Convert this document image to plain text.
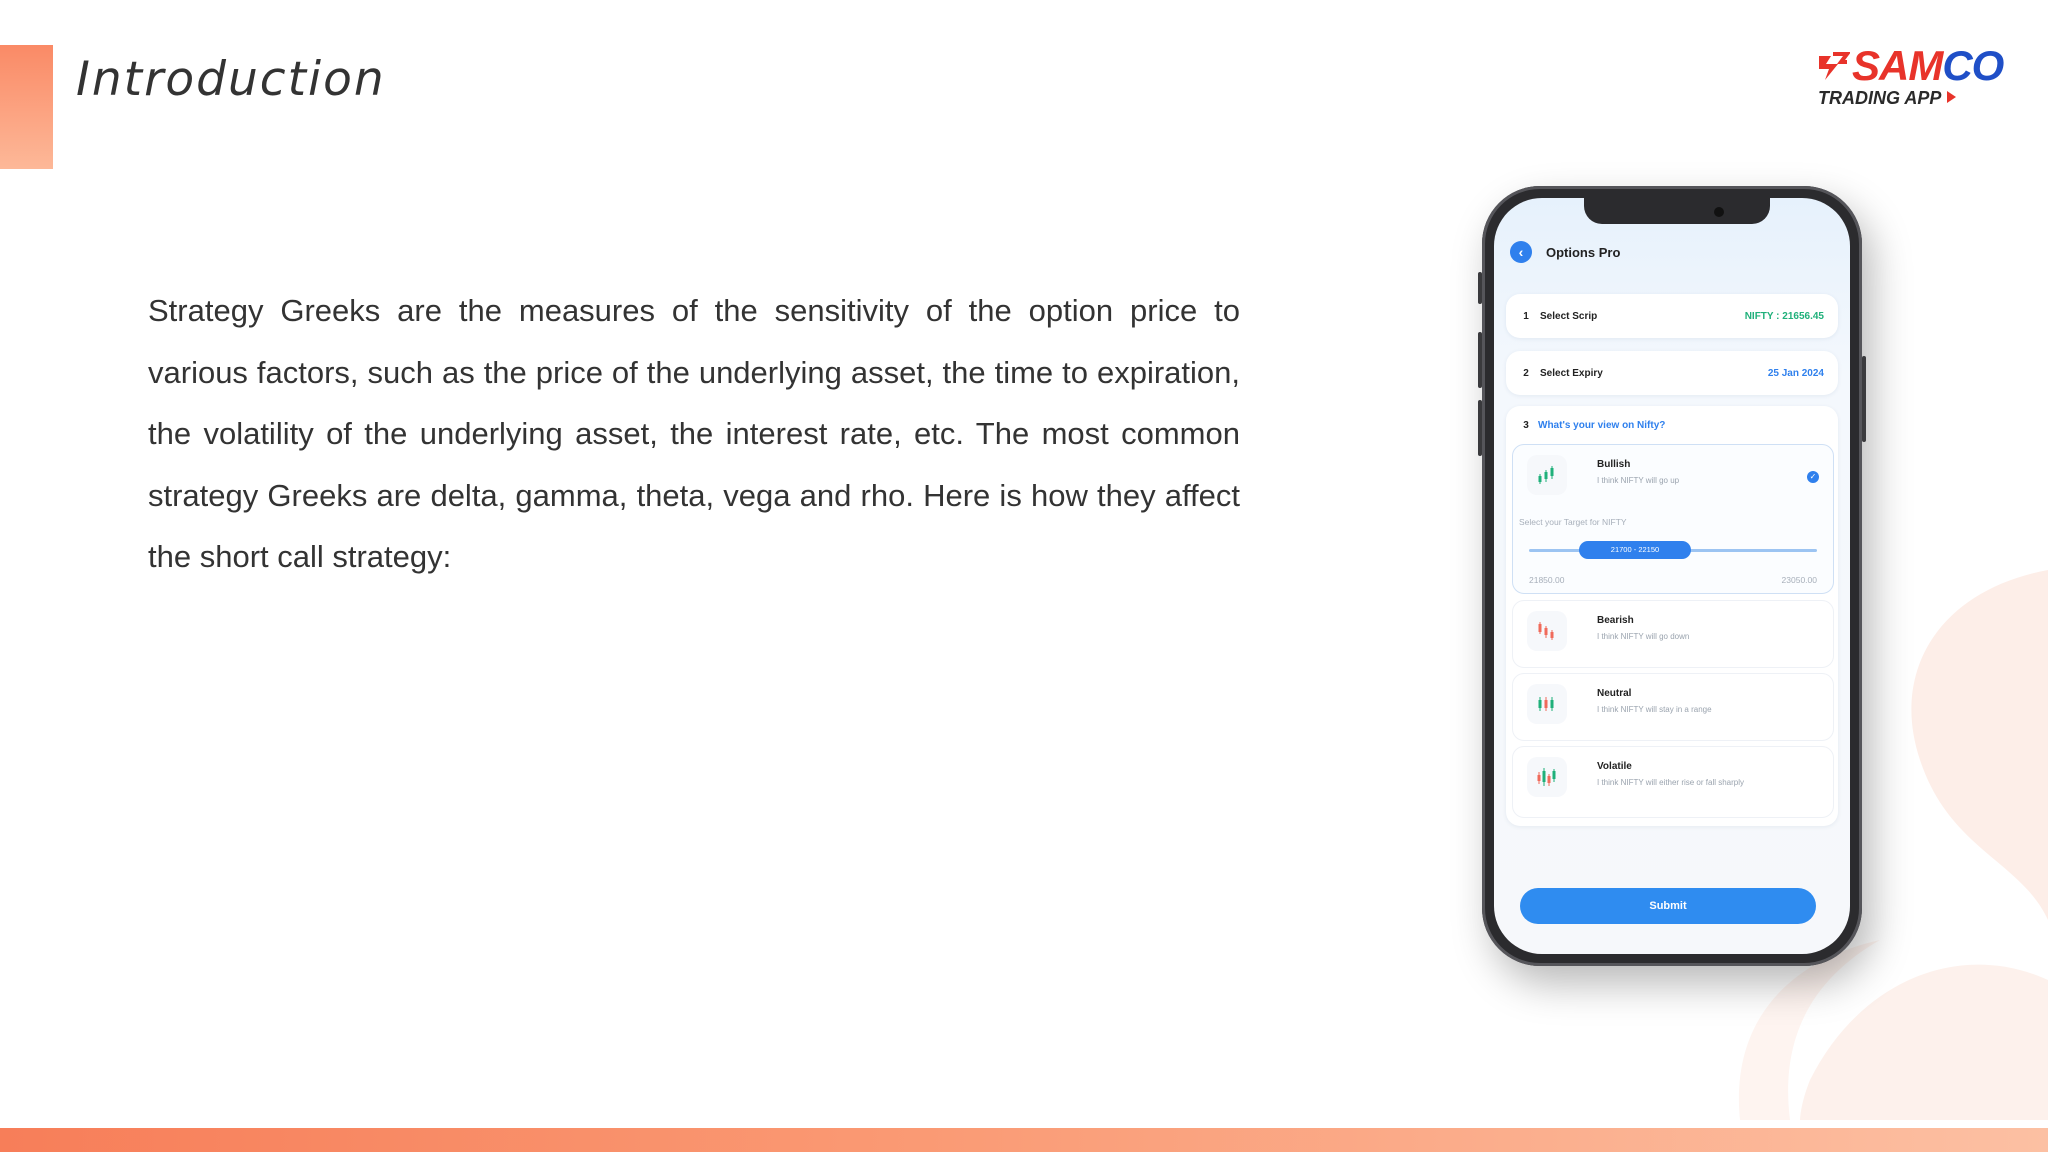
Introduction	SAMCO
TRADING APP

Strategy Greeks are the measures of the sensitivity of the option price to various factors, such as the price of the underlying asset, the time to expiration, the volatility of the underlying asset, the interest rate, etc. The most common strategy Greeks are delta, gamma, theta, vega and rho. Here is how they affect the short call strategy:

‹ Options Pro
1	Select Scrip	NIFTY : 21656.45
2	Select Expiry	25 Jan 2024
3 What's your view on Nifty?
Bullish
I think NIFTY will go up	✓
Select your Target for NIFTY
21700 - 22150
21850.00	23050.00
Bearish
I think NIFTY will go down
Neutral
I think NIFTY will stay in a range
Volatile
I think NIFTY will either rise or fall sharply
Submit
